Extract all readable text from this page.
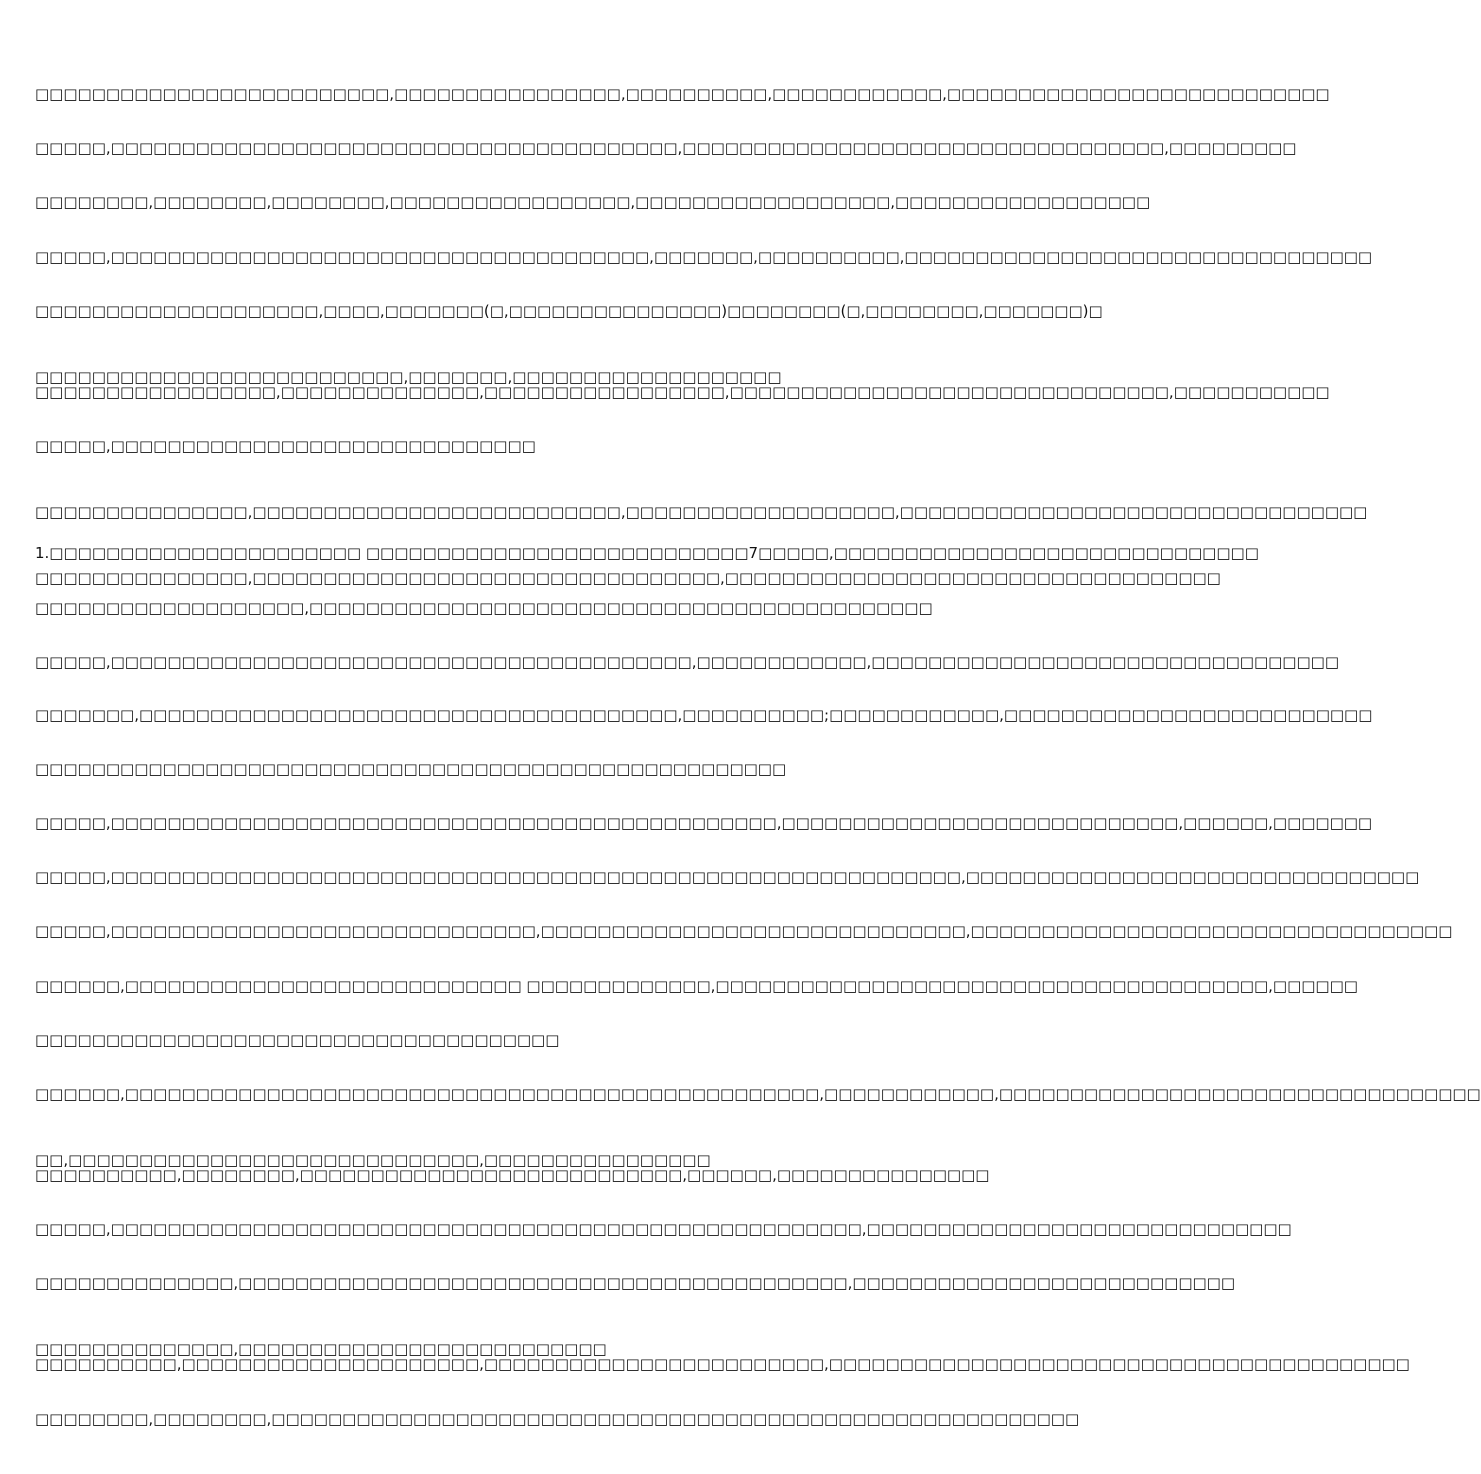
□□□□□□□□□□□□□□□□□□□□□□□□□,□□□□□□□□□□□□□□□□,□□□□□□□□□□,□□□□□□□□□□□□,□□□□□□□□□□□□□□□□□□□□□□□□□□□

□□□□□,□□□□□□□□□□□□□□□□□□□□□□□□□□□□□□□□□□□□□□□□,□□□□□□□□□□□□□□□□□□□□□□□□□□□□□□□□□□,□□□□□□□□□

□□□□□□□□,□□□□□□□□,□□□□□□□□,□□□□□□□□□□□□□□□□□,□□□□□□□□□□□□□□□□□□,□□□□□□□□□□□□□□□□□□

□□□□□,□□□□□□□□□□□□□□□□□□□□□□□□□□□□□□□□□□□□□□,□□□□□□□,□□□□□□□□□□,□□□□□□□□□□□□□□□□□□□□□□□□□□□□□□□□□

□□□□□□□□□□□□□□□□□□□□,□□□□,□□□□□□□(□,□□□□□□□□□□□□□□□)□□□□□□□□(□,□□□□□□□□,□□□□□□□)□

□□□□□□□□□□□□□□□□□□□□□□□□□□,□□□□□□□,□□□□□□□□□□□□□□□□□□□

□□□□□□□□□□□□□□□□□,□□□□□□□□□□□□□□,□□□□□□□□□□□□□□□□□,□□□□□□□□□□□□□□□□□□□□□□□□□□□□□□□,□□□□□□□□□□□

□□□□□,□□□□□□□□□□□□□□□□□□□□□□□□□□□□□□

□□□□□□□□□□□□□□□,□□□□□□□□□□□□□□□□□□□□□□□□□□,□□□□□□□□□□□□□□□□□□□,□□□□□□□□□□□□□□□□□□□□□□□□□□□□□□□□□

□□□□□□□□□□□□□□□,□□□□□□□□□□□□□□□□□□□□□□□□□□□□□□□□□,□□□□□□□□□□□□□□□□□□□□□□□□□□□□□□□□□□□

1.□□□□□□□□□□□□□□□□□□□□□□ □□□□□□□□□□□□□□□□□□□□□□□□□□□7□□□□□,□□□□□□□□□□□□□□□□□□□□□□□□□□□□□□

□□□□□□□□□□□□□□□□□□□,□□□□□□□□□□□□□□□□□□□□□□□□□□□□□□□□□□□□□□□□□□□□

□□□□□,□□□□□□□□□□□□□□□□□□□□□□□□□□□□□□□□□□□□□□□□□,□□□□□□□□□□□□,□□□□□□□□□□□□□□□□□□□□□□□□□□□□□□□□□

□□□□□□□,□□□□□□□□□□□□□□□□□□□□□□□□□□□□□□□□□□□□□□,□□□□□□□□□□;□□□□□□□□□□□□,□□□□□□□□□□□□□□□□□□□□□□□□□□

□□□□□□□□□□□□□□□□□□□□□□□□□□□□□□□□□□□□□□□□□□□□□□□□□□□□□

□□□□□,□□□□□□□□□□□□□□□□□□□□□□□□□□□□□□□□□□□□□□□□□□□□□□□,□□□□□□□□□□□□□□□□□□□□□□□□□□□□,□□□□□□,□□□□□□□

□□□□□,□□□□□□□□□□□□□□□□□□□□□□□□□□□□□□□□□□□□□□□□□□□□□□□□□□□□□□□□□□□□,□□□□□□□□□□□□□□□□□□□□□□□□□□□□□□□□

□□□□□,□□□□□□□□□□□□□□□□□□□□□□□□□□□□□□,□□□□□□□□□□□□□□□□□□□□□□□□□□□□□□,□□□□□□□□□□□□□□□□□□□□□□□□□□□□□□□□□□

□□□□□□,□□□□□□□□□□□□□□□□□□□□□□□□□□□□ □□□□□□□□□□□□□,□□□□□□□□□□□□□□□□□□□□□□□□□□□□□□□□□□□□□□□,□□□□□□

□□□□□□□□□□□□□□□□□□□□□□□□□□□□□□□□□□□□□

□□□□□□,□□□□□□□□□□□□□□□□□□□□□□□□□□□□□□□□□□□□□□□□□□□□□□□□□,□□□□□□□□□□□□,□□□□□□□□□□□□□□□□□□□□□□□□□□□□□□□□□□

□□,□□□□□□□□□□□□□□□□□□□□□□□□□□□□□,□□□□□□□□□□□□□□□□

□□□□□□□□□□,□□□□□□□□,□□□□□□□□□□□□□□□□□□□□□□□□□□□,□□□□□□,□□□□□□□□□□□□□□□

□□□□□,□□□□□□□□□□□□□□□□□□□□□□□□□□□□□□□□□□□□□□□□□□□□□□□□□□□□□,□□□□□□□□□□□□□□□□□□□□□□□□□□□□□□

□□□□□□□□□□□□□□,□□□□□□□□□□□□□□□□□□□□□□□□□□□□□□□□□□□□□□□□□□□,□□□□□□□□□□□□□□□□□□□□□□□□□□□

□□□□□□□□□□□□□□,□□□□□□□□□□□□□□□□□□□□□□□□□□

□□□□□□□□□□,□□□□□□□□□□□□□□□□□□□□□,□□□□□□□□□□□□□□□□□□□□□□□□,□□□□□□□□□□□□□□□□□□□□□□□□□□□□□□□□□□□□□□□□□

□□□□□□□□,□□□□□□□□,□□□□□□□□□□□□□□□□□□□□□□□□□□□□□□□□□□□□□□□□□□□□□□□□□□□□□□□□□
